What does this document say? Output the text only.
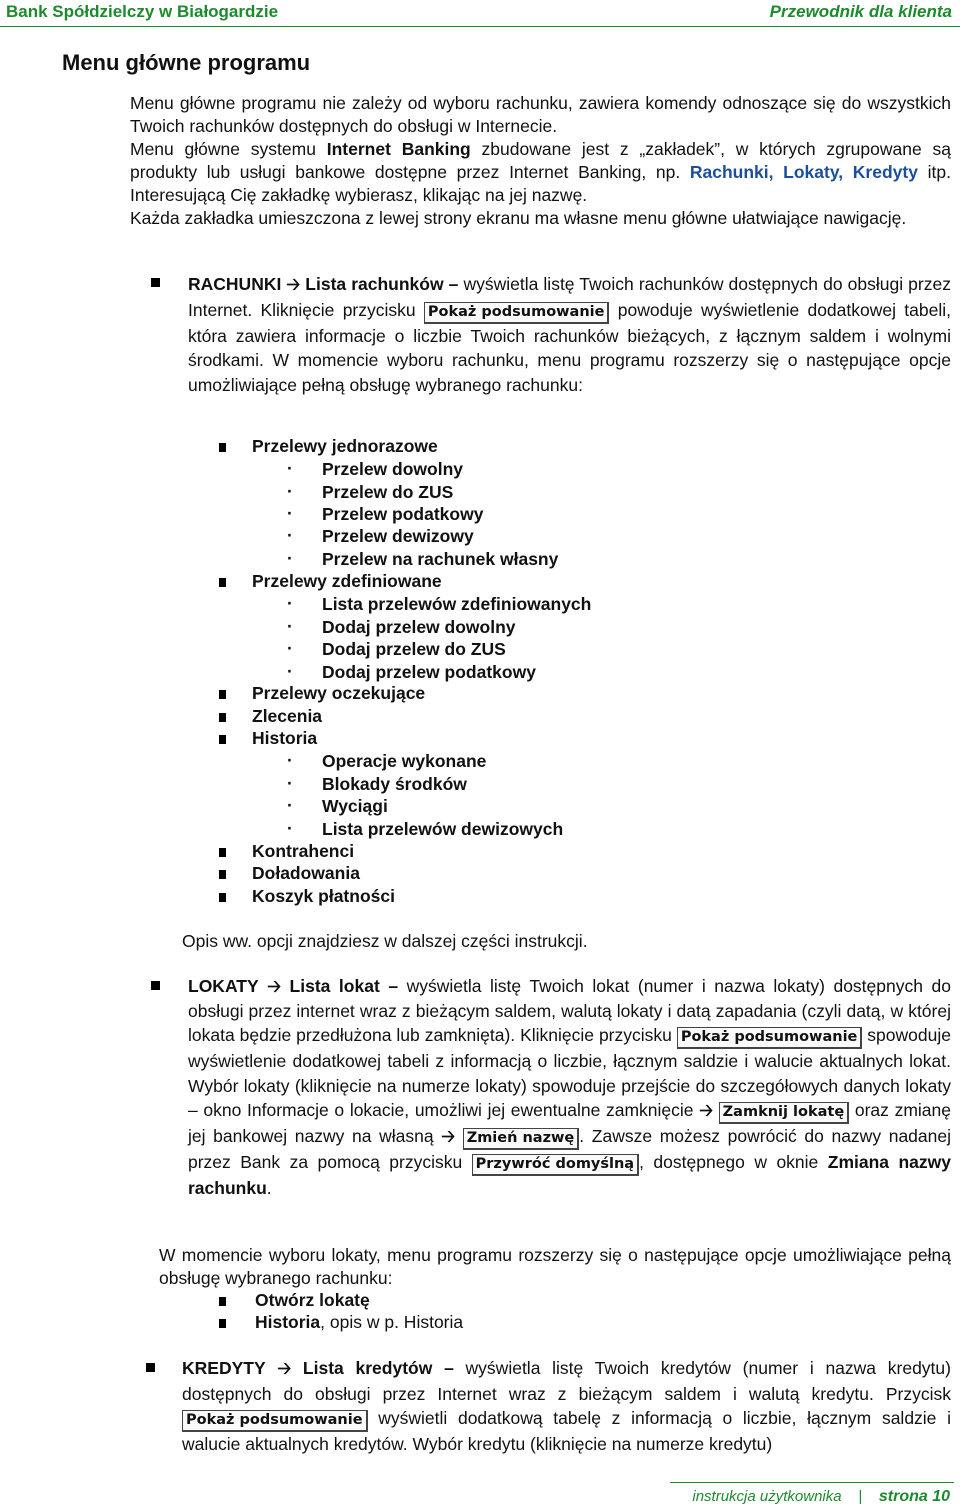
Bank Spółdzielczy w Białogardzie	Przewodnik dla klienta
Menu główne programu
Menu główne programu nie zależy od wyboru rachunku, zawiera komendy odnoszące się do wszystkich Twoich rachunków dostępnych do obsługi w Internecie.
Menu główne systemu Internet Banking zbudowane jest z „zakładek”, w których zgrupowane są produkty lub usługi bankowe dostępne przez Internet Banking, np. Rachunki, Lokaty, Kredyty itp. Interesującą Cię zakładkę wybierasz, klikając na jej nazwę.
Każda zakładka umieszczona z lewej strony ekranu ma własne menu główne ułatwiające nawigację.
RACHUNKI 🡢 Lista rachunków – wyświetla listę Twoich rachunków dostępnych do obsługi przez Internet. Kliknięcie przycisku Pokaż podsumowanie powoduje wyświetlenie dodatkowej tabeli, która zawiera informacje o liczbie Twoich rachunków bieżących, z łącznym saldem i wolnymi środkami. W momencie wyboru rachunku, menu programu rozszerzy się o następujące opcje umożliwiające pełną obsługę wybranego rachunku:
Przelewy jednorazowe
· Przelew dowolny
· Przelew do ZUS
· Przelew podatkowy
· Przelew dewizowy
· Przelew na rachunek własny
Przelewy zdefiniowane
· Lista przelewów zdefiniowanych
· Dodaj przelew dowolny
· Dodaj przelew do ZUS
· Dodaj przelew podatkowy
Przelewy oczekujące
Zlecenia
Historia
· Operacje wykonane
· Blokady środków
· Wyciągi
· Lista przelewów dewizowych
Kontrahenci
Doładowania
Koszyk płatności
Opis ww. opcji znajdziesz w dalszej części instrukcji.
LOKATY 🡢 Lista lokat – wyświetla listę Twoich lokat (numer i nazwa lokaty) dostępnych do obsługi przez internet wraz z bieżącym saldem, walutą lokaty i datą zapadania (czyli datą, w której lokata będzie przedłużona lub zamknięta). Kliknięcie przycisku Pokaż podsumowanie spowoduje wyświetlenie dodatkowej tabeli z informacją o liczbie, łącznym saldzie i walucie aktualnych lokat. Wybór lokaty (kliknięcie na numerze lokaty) spowoduje przejście do szczegółowych danych lokaty – okno Informacje o lokacie, umożliwi jej ewentualne zamknięcie 🡢 Zamknij lokatę oraz zmianę jej bankowej nazwy na własną 🡢 Zmień nazwę . Zawsze możesz powrócić do nazwy nadanej przez Bank za pomocą przycisku Przywróć domyślną , dostępnego w oknie Zmiana nazwy rachunku.
W momencie wyboru lokaty, menu programu rozszerzy się o następujące opcje umożliwiające pełną obsługę wybranego rachunku:
Otwórz lokatę
Historia, opis w p. Historia
KREDYTY 🡢 Lista kredytów – wyświetla listę Twoich kredytów (numer i nazwa kredytu) dostępnych do obsługi przez Internet wraz z bieżącym saldem i walutą kredytu. Przycisk Pokaż podsumowanie wyświetli dodatkową tabelę z informacją o liczbie, łącznym saldzie i walucie aktualnych kredytów. Wybór kredytu (kliknięcie na numerze kredytu)
instrukcja użytkownika | strona 10
